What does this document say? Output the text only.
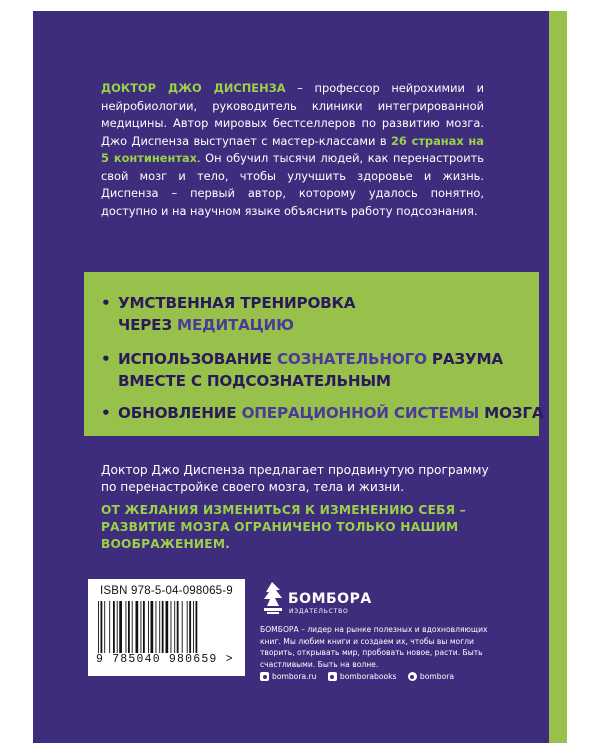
ДОКТОР ДЖО ДИСПЕНЗА – профессор нейрохимии и нейробиологии, руководитель клиники интегрированной медицины. Автор мировых бестселлеров по развитию мозга. Джо Диспенза выступает с мастер-классами в 26 странах на 5 континентах. Он обучил тысячи людей, как перенастроить свой мозг и тело, чтобы улучшить здоровье и жизнь. Диспенза – первый автор, которому удалось понятно, доступно и на научном языке объяснить работу подсознания.
• УМСТВЕННАЯ ТРЕНИРОВКА
ЧЕРЕЗ МЕДИТАЦИЮ
• ИСПОЛЬЗОВАНИЕ СОЗНАТЕЛЬНОГО РАЗУМА
ВМЕСТЕ С ПОДСОЗНАТЕЛЬНЫМ
• ОБНОВЛЕНИЕ ОПЕРАЦИОННОЙ СИСТЕМЫ МОЗГА
Доктор Джо Диспенза предлагает продвинутую программу по перенастройке своего мозга, тела и жизни.
ОТ ЖЕЛАНИЯ ИЗМЕНИТЬСЯ К ИЗМЕНЕНИЮ СЕБЯ – РАЗВИТИЕ МОЗГА ОГРАНИЧЕНО ТОЛЬКО НАШИМ ВООБРАЖЕНИЕМ.
ISBN 978-5-04-098065-9
9 785040 980659 >
БОМБОРА
ИЗДАТЕЛЬСТВО
БОМБОРА – лидер на рынке полезных и вдохновляющих книг. Мы любим книги и создаем их, чтобы вы могли творить, открывать мир, пробовать новое, расти. Быть счастливыми. Быть на волне.
bombora.ru
	bomborabooks
	bombora
